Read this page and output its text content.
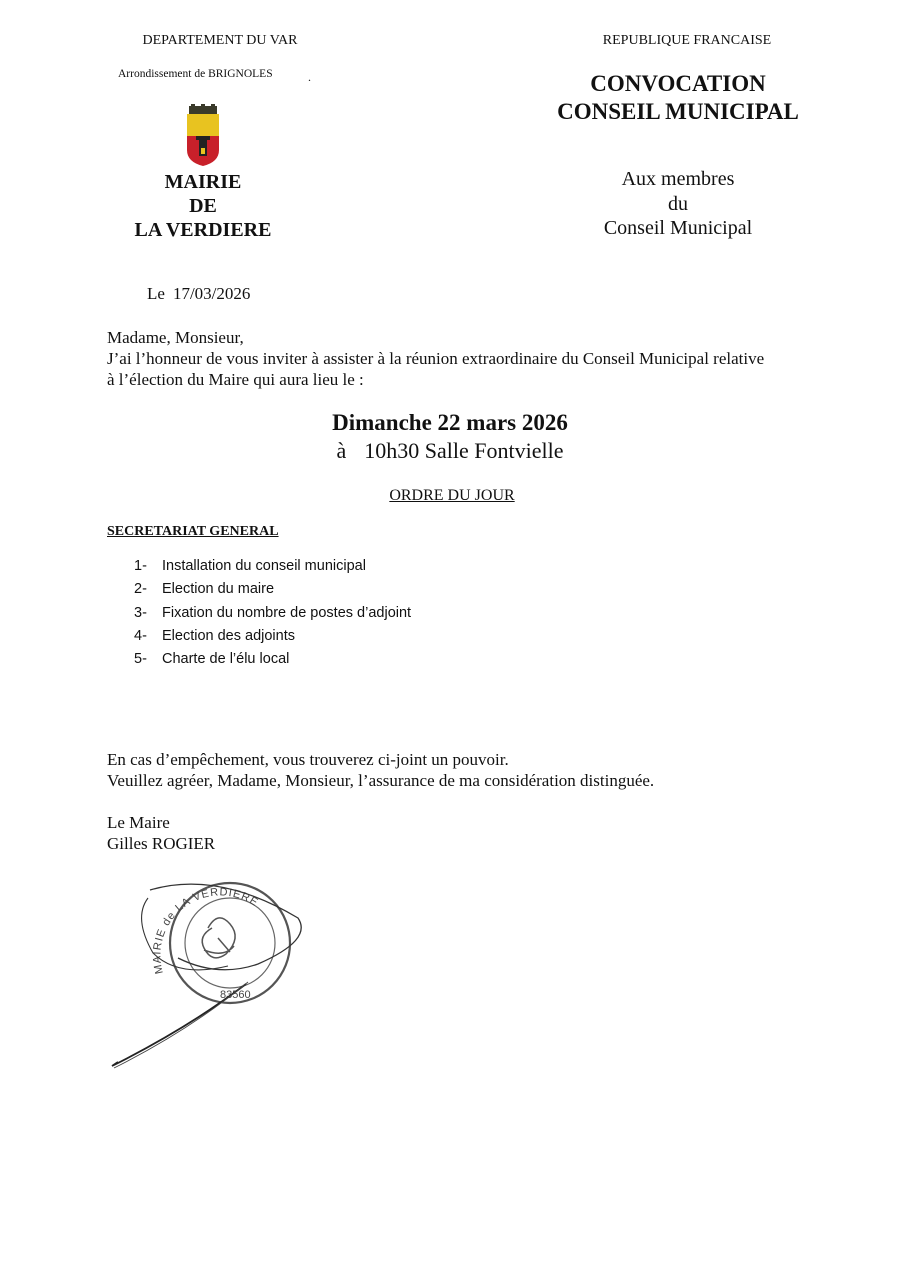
DEPARTEMENT DU VAR
Arrondissement de BRIGNOLES	.
MAIRIE
DE
LA VERDIERE
REPUBLIQUE FRANCAISE
CONVOCATION
CONSEIL MUNICIPAL
Aux membres
du
Conseil Municipal
Le 17/03/2026
Madame, Monsieur,
J’ai l’honneur de vous inviter à assister à la réunion extraordinaire du Conseil Municipal relative
à l’élection du Maire qui aura lieu le :
Dimanche 22 mars 2026
à 10h30 Salle Fontvielle
ORDRE DU JOUR
SECRETARIAT GENERAL
1-	Installation du conseil municipal
2-	Election du maire
3-	Fixation du nombre de postes d’adjoint
4-	Election des adjoints
5-	Charte de l’élu local
En cas d’empêchement, vous trouverez ci-joint un pouvoir.
Veuillez agréer, Madame, Monsieur, l’assurance de ma considération distinguée.
Le Maire
Gilles ROGIER
MAIRIE de LA VERDIERE
83560
